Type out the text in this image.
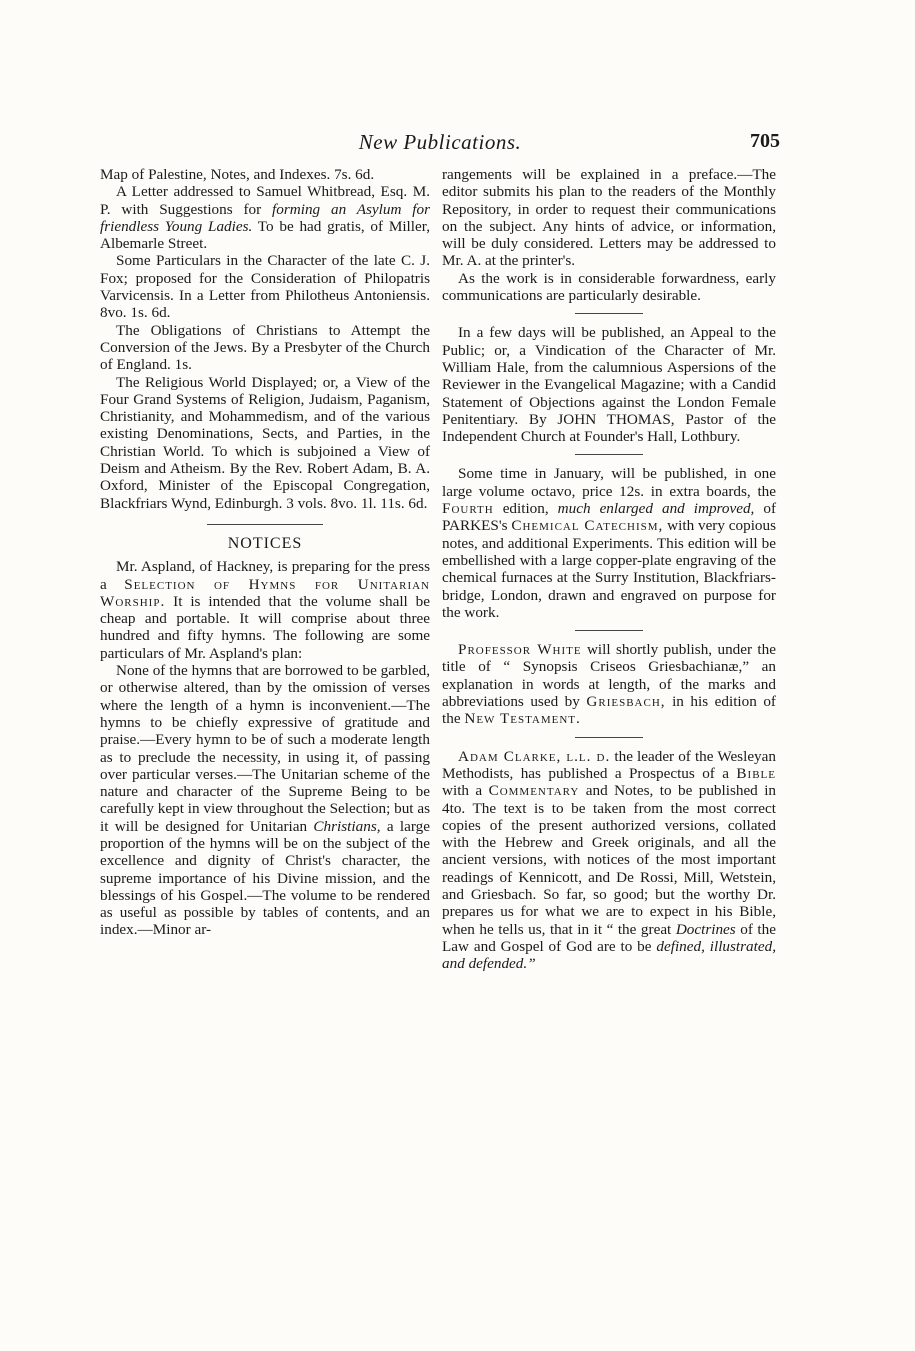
New Publications.	705

Map of Palestine, Notes, and Indexes. 7s. 6d.

A Letter addressed to Samuel Whitbread, Esq. M. P. with Suggestions for forming an Asylum for friendless Young Ladies. To be had gratis, of Miller, Albemarle Street.

Some Particulars in the Character of the late C. J. Fox; proposed for the Consideration of Philopatris Varvicensis. In a Letter from Philotheus Antoniensis. 8vo. 1s. 6d.

The Obligations of Christians to Attempt the Conversion of the Jews. By a Presbyter of the Church of England. 1s.

The Religious World Displayed; or, a View of the Four Grand Systems of Religion, Judaism, Paganism, Christianity, and Mohammedism, and of the various existing Denominations, Sects, and Parties, in the Christian World. To which is subjoined a View of Deism and Atheism. By the Rev. Robert Adam, B. A. Oxford, Minister of the Episcopal Congregation, Blackfriars Wynd, Edinburgh. 3 vols. 8vo. 1l. 11s. 6d.

NOTICES

Mr. Aspland, of Hackney, is preparing for the press a Selection of Hymns for Unitarian Worship. It is intended that the volume shall be cheap and portable. It will comprise about three hundred and fifty hymns. The following are some particulars of Mr. Aspland's plan:

None of the hymns that are borrowed to be garbled, or otherwise altered, than by the omission of verses where the length of a hymn is inconvenient.—The hymns to be chiefly expressive of gratitude and praise.—Every hymn to be of such a moderate length as to preclude the necessity, in using it, of passing over particular verses.—The Unitarian scheme of the nature and character of the Supreme Being to be carefully kept in view throughout the Selection; but as it will be designed for Unitarian Christians, a large proportion of the hymns will be on the subject of the excellence and dignity of Christ's character, the supreme importance of his Divine mission, and the blessings of his Gospel.—The volume to be rendered as useful as possible by tables of contents, and an index.—Minor ar-

rangements will be explained in a preface.—The editor submits his plan to the readers of the Monthly Repository, in order to request their communications on the subject. Any hints of advice, or information, will be duly considered. Letters may be addressed to Mr. A. at the printer's.

As the work is in considerable forwardness, early communications are particularly desirable.

In a few days will be published, an Appeal to the Public; or, a Vindication of the Character of Mr. William Hale, from the calumnious Aspersions of the Reviewer in the Evangelical Magazine; with a Candid Statement of Objections against the London Female Penitentiary. By JOHN THOMAS, Pastor of the Independent Church at Founder's Hall, Lothbury.

Some time in January, will be published, in one large volume octavo, price 12s. in extra boards, the Fourth edition, much enlarged and improved, of PARKES's Chemical Catechism, with very copious notes, and additional Experiments. This edition will be embellished with a large copper-plate engraving of the chemical furnaces at the Surry Institution, Blackfriars-bridge, London, drawn and engraved on purpose for the work.

Professor White will shortly publish, under the title of “ Synopsis Criseos Griesbachianæ,” an explanation in words at length, of the marks and abbreviations used by Griesbach, in his edition of the New Testament.

Adam Clarke, l.l. d. the leader of the Wesleyan Methodists, has published a Prospectus of a Bible with a Commentary and Notes, to be published in 4to. The text is to be taken from the most correct copies of the present authorized versions, collated with the Hebrew and Greek originals, and all the ancient versions, with notices of the most important readings of Kennicott, and De Rossi, Mill, Wetstein, and Griesbach. So far, so good; but the worthy Dr. prepares us for what we are to expect in his Bible, when he tells us, that in it “ the great Doctrines of the Law and Gospel of God are to be defined, illustrated, and defended.”
